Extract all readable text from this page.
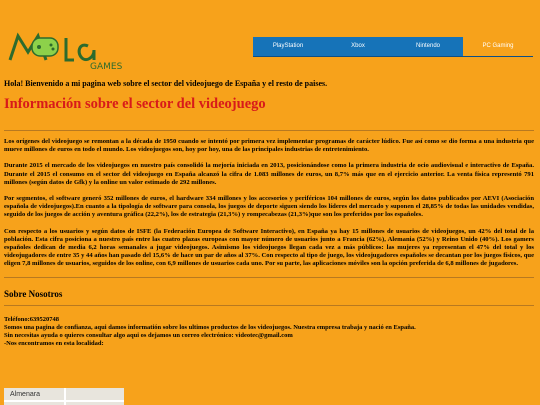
GAMES
PlayStation	Xbox	Nintendo	PC Gaming
Hola! Bienvenido a mi pagina web sobre el sector del videojuego de España y el resto de paises.
Información sobre el sector del videojuego

Los orígenes del videojuego se remontan a la década de 1950 cuando se intentó por primera vez implementar programas de carácter lúdico. Fue así como se dio forma a una industria que mueve millones de euros en todo el mundo. Los videojuegos son, hoy por hoy, una de las principales industrias de entretenimiento.

Durante 2015 el mercado de los videojuegos en nuestro país consolidó la mejoría iniciada en 2013, posicionándose como la primera industria de ocio audiovisual e interactivo de España. Durante el 2015 el consumo en el sector del videojuego en España alcanzó la cifra de 1.083 millones de euros, un 8,7% más que en el ejercicio anterior. La venta física representó 791 millones (según datos de Gfk) y la online un valor estimado de 292 millones.

Por segmentos, el software generó 352 millones de euros, el hardware 334 millones y los accesorios y periféricos 104 millones de euros, según los datos publicados por AEVI (Asociación española de videojuegos).En cuanto a la tipología de software para consola, los juegos de deporte siguen siendo los líderes del mercado y suponen el 28,85% de todas las unidades vendidas, seguido de los juegos de acción y aventura gráfica (22,2%), los de estrategia (21,3%) y rompecabezas (21,3%)que son los preferidos por los españoles.

Con respecto a los usuarios y según datos de ISFE (la Federación Europea de Software Interactivo), en España ya hay 15 millones de usuarios de videojuegos, un 42% del total de la población. Esta cifra posiciona a nuestro país entre las cuatro plazas europeas con mayor número de usuarios junto a Francia (62%), Alemania (52%) y Reino Unido (40%). Los gamers españoles dedican de media 6,2 horas semanales a jugar videojuegos. Asimismo los videojuegos llegan cada vez a más públicos: las mujeres ya representan el 47% del total y los videojugadores de entre 35 y 44 años han pasado del 15,6% de hace un par de años al 37%. Con respecto al tipo de juego, los videojugadores españoles se decantan por los juegos físicos, que eligen 7,8 millones de usuarios, seguidos de los online, con 6,9 millones de usuarios cada uno. Por su parte, las aplicaciones móviles son la opción preferida de 6,8 millones de jugadores.

Sobre Nosotros
Teléfono:639520748
Somos una pagina de confianza, aqui damos informatión sobre los ultimos productos de los videojuegos. Nuestra empresa trabaja y nació en España.
Sin necesitas ayuda o quieres consultar algo aqui os dejamos un correo electrónico: videotec@gmail.com
-Nos encontramos en esta localidad:
Almenara
